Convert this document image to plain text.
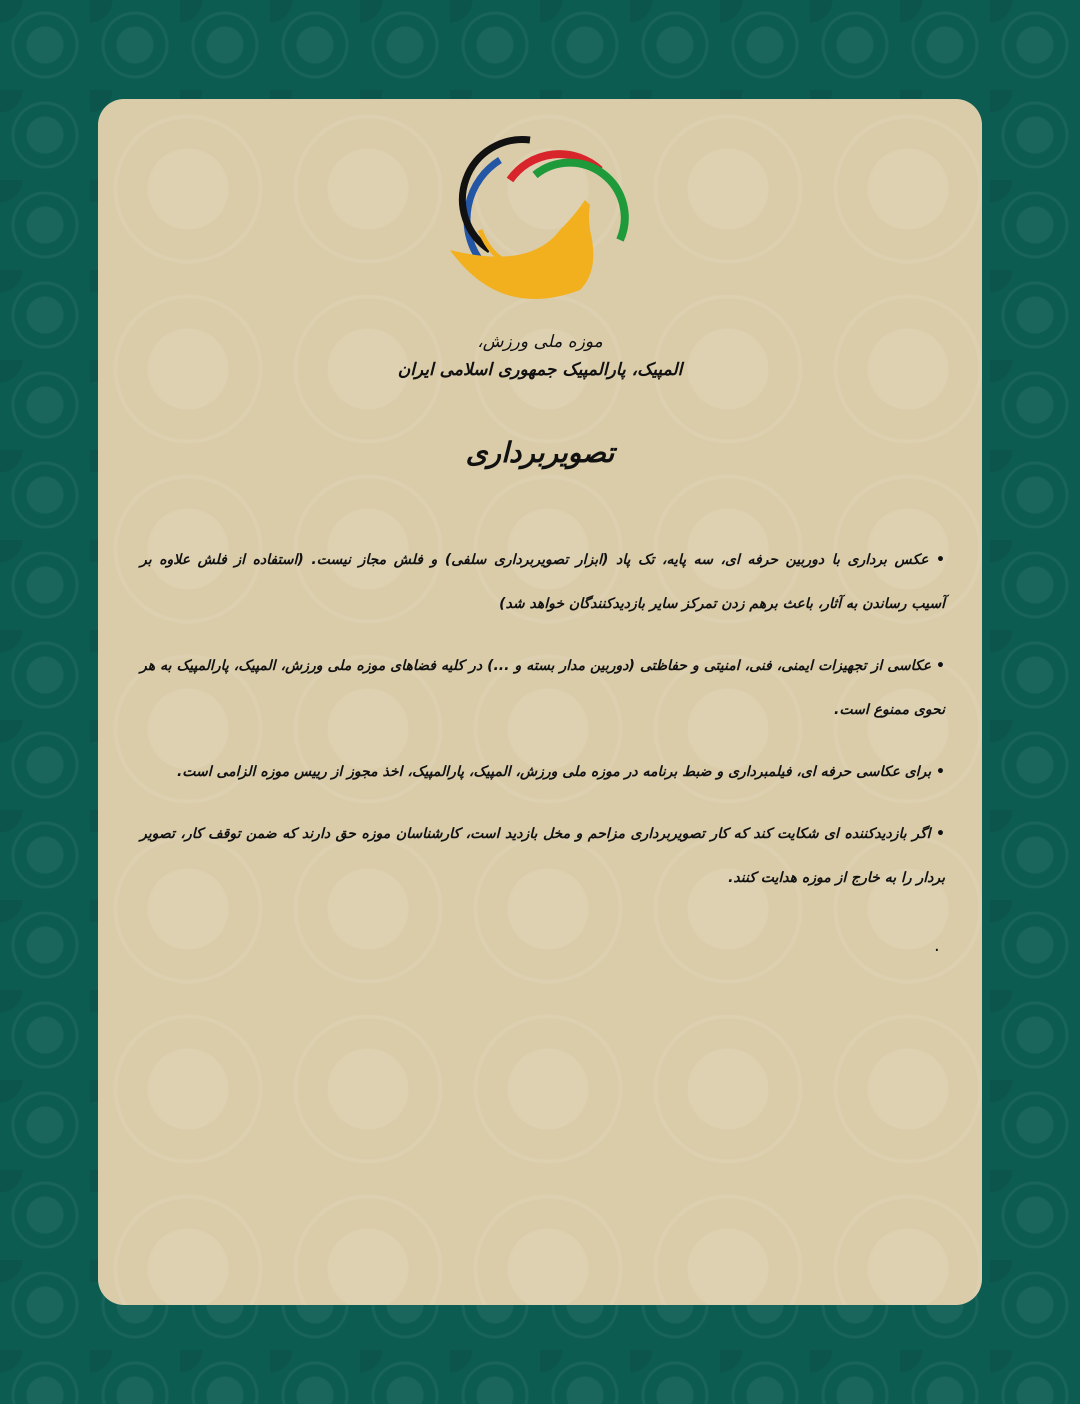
موزه ملی ورزش،
المپیک، پارالمپیک جمهوری اسلامی ایران
تصویربرداری
• عکس برداری با دوربین حرفه ای، سه پایه، تک پاد (ابزار تصویربرداری سلفی) و فلش مجاز نیست. (استفاده از فلش علاوه بر
آسیب رساندن به آثار، باعث برهم زدن تمرکز سایر بازدیدکنندگان خواهد شد)
• عکاسی از تجهیزات ایمنی، فنی، امنیتی و حفاظتی (دوربین مدار بسته و ...) در کلیه فضاهای موزه ملی ورزش، المپیک، پارالمپیک به هر
نحوی ممنوع است.
• برای عکاسی حرفه ای، فیلمبرداری و ضبط برنامه در موزه ملی ورزش، المپیک، پارالمپیک، اخذ مجوز از رییس موزه الزامی است.
• اگر بازدیدکننده ای شکایت کند که کار تصویربرداری مزاحم و مخل بازدید است، کارشناسان موزه حق دارند که ضمن توقف کار، تصویر
بردار را به خارج از موزه هدایت کنند.
.
